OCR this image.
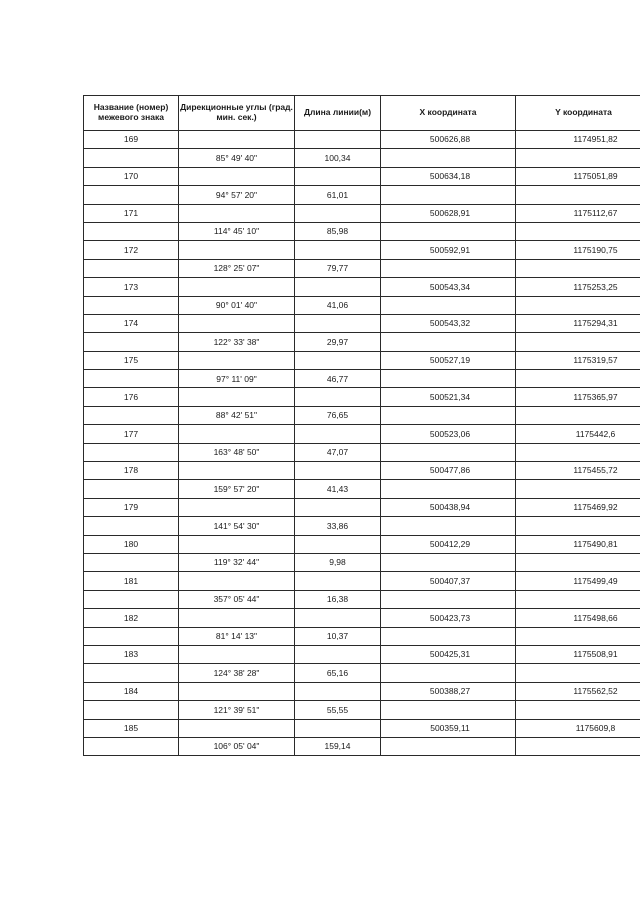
Название (номер) межевого знака	Дирекционные углы (град. мин. сек.)	Длина линии(м)	X координата	Y координата
169			500626,88	1174951,82
	85° 49' 40"	100,34		
170			500634,18	1175051,89
	94° 57' 20"	61,01		
171			500628,91	1175112,67
	114° 45' 10"	85,98		
172			500592,91	1175190,75
	128° 25' 07"	79,77		
173			500543,34	1175253,25
	90° 01' 40"	41,06		
174			500543,32	1175294,31
	122° 33' 38"	29,97		
175			500527,19	1175319,57
	97° 11' 09"	46,77		
176			500521,34	1175365,97
	88° 42' 51"	76,65		
177			500523,06	1175442,6
	163° 48' 50"	47,07		
178			500477,86	1175455,72
	159° 57' 20"	41,43		
179			500438,94	1175469,92
	141° 54' 30"	33,86		
180			500412,29	1175490,81
	119° 32' 44"	9,98		
181			500407,37	1175499,49
	357° 05' 44"	16,38		
182			500423,73	1175498,66
	81° 14' 13"	10,37		
183			500425,31	1175508,91
	124° 38' 28"	65,16		
184			500388,27	1175562,52
	121° 39' 51"	55,55		
185			500359,11	1175609,8
	106° 05' 04"	159,14		
